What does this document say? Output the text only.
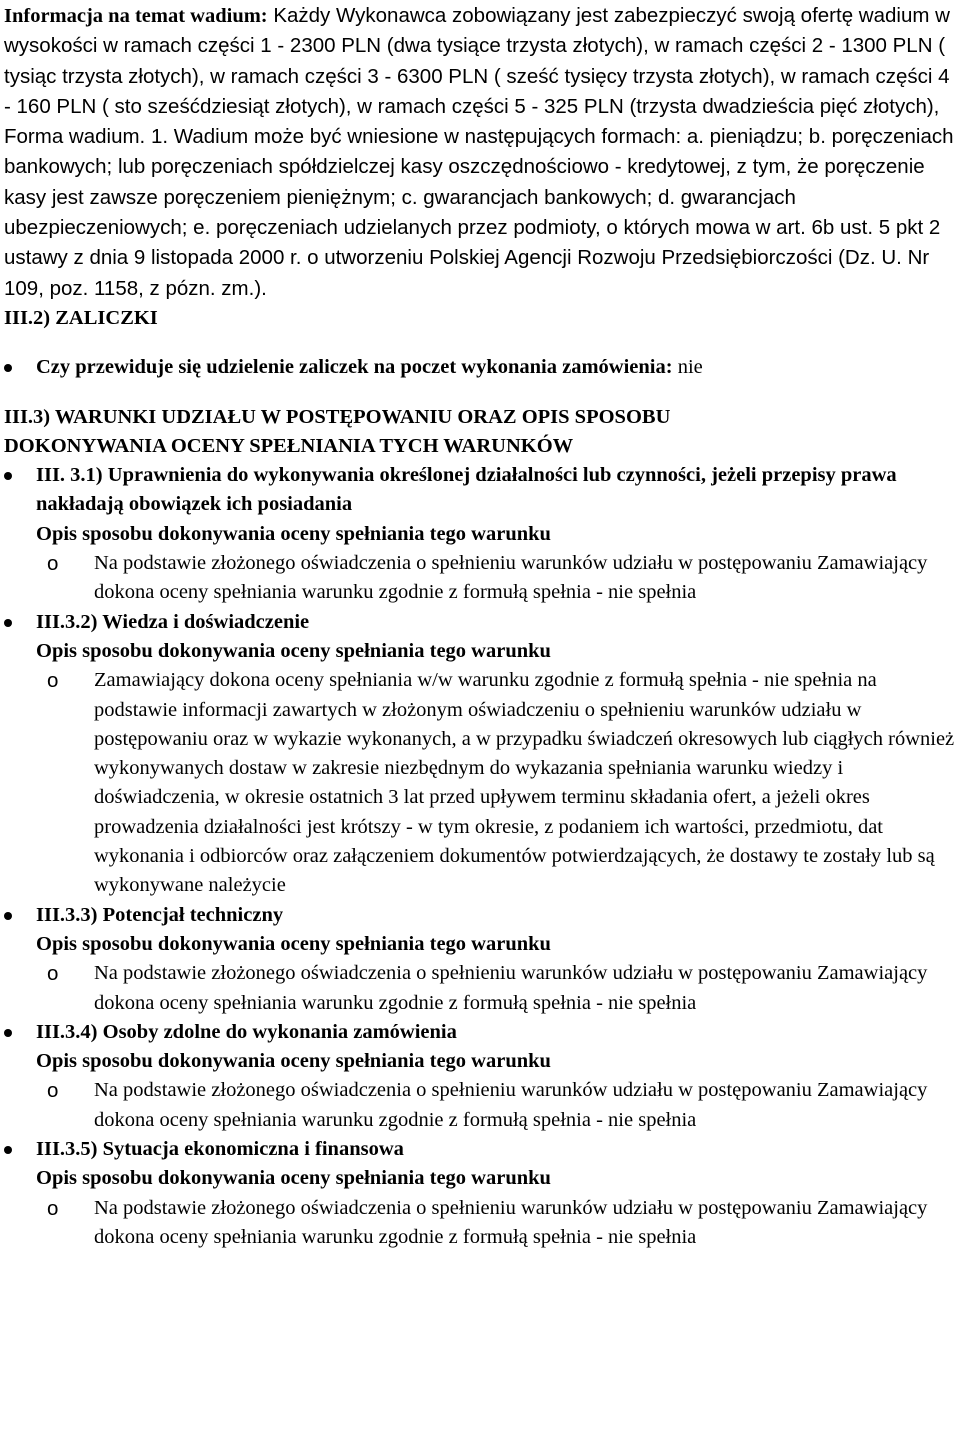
Informacja na temat wadium: Każdy Wykonawca zobowiązany jest zabezpieczyć swoją ofertę wadium w wysokości w ramach części 1 - 2300 PLN (dwa tysiące trzysta złotych), w ramach części 2 - 1300 PLN ( tysiąc trzysta złotych), w ramach części 3 - 6300 PLN ( sześć tysięcy trzysta złotych), w ramach części 4 - 160 PLN ( sto sześćdziesiąt złotych), w ramach części 5 - 325 PLN (trzysta dwadzieścia pięć złotych), Forma wadium. 1. Wadium może być wniesione w następujących formach: a. pieniądzu; b. poręczeniach bankowych; lub poręczeniach spółdzielczej kasy oszczędnościowo - kredytowej, z tym, że poręczenie kasy jest zawsze poręczeniem pieniężnym; c. gwarancjach bankowych; d. gwarancjach ubezpieczeniowych; e. poręczeniach udzielanych przez podmioty, o których mowa w art. 6b ust. 5 pkt 2 ustawy z dnia 9 listopada 2000 r. o utworzeniu Polskiej Agencji Rozwoju Przedsiębiorczości (Dz. U. Nr 109, poz. 1158, z pózn. zm.).

III.2) ZALICZKI

Czy przewiduje się udzielenie zaliczek na poczet wykonania zamówienia: nie

III.3) WARUNKI UDZIAŁU W POSTĘPOWANIU ORAZ OPIS SPOSOBU
DOKONYWANIA OCENY SPEŁNIANIA TYCH WARUNKÓW

III. 3.1) Uprawnienia do wykonywania określonej działalności lub czynności, jeżeli przepisy prawa nakładają obowiązek ich posiadania
Opis sposobu dokonywania oceny spełniania tego warunku
o Na podstawie złożonego oświadczenia o spełnieniu warunków udziału w postępowaniu Zamawiający dokona oceny spełniania warunku zgodnie z formułą spełnia - nie spełnia
III.3.2) Wiedza i doświadczenie
Opis sposobu dokonywania oceny spełniania tego warunku
o Zamawiający dokona oceny spełniania w/w warunku zgodnie z formułą spełnia - nie spełnia na podstawie informacji zawartych w złożonym oświadczeniu o spełnieniu warunków udziału w postępowaniu oraz w wykazie wykonanych, a w przypadku świadczeń okresowych lub ciągłych również wykonywanych dostaw w zakresie niezbędnym do wykazania spełniania warunku wiedzy i doświadczenia, w okresie ostatnich 3 lat przed upływem terminu składania ofert, a jeżeli okres prowadzenia działalności jest krótszy - w tym okresie, z podaniem ich wartości, przedmiotu, dat wykonania i odbiorców oraz załączeniem dokumentów potwierdzających, że dostawy te zostały lub są wykonywane należycie
III.3.3) Potencjał techniczny
Opis sposobu dokonywania oceny spełniania tego warunku
o Na podstawie złożonego oświadczenia o spełnieniu warunków udziału w postępowaniu Zamawiający dokona oceny spełniania warunku zgodnie z formułą spełnia - nie spełnia
III.3.4) Osoby zdolne do wykonania zamówienia
Opis sposobu dokonywania oceny spełniania tego warunku
o Na podstawie złożonego oświadczenia o spełnieniu warunków udziału w postępowaniu Zamawiający dokona oceny spełniania warunku zgodnie z formułą spełnia - nie spełnia
III.3.5) Sytuacja ekonomiczna i finansowa
Opis sposobu dokonywania oceny spełniania tego warunku
o Na podstawie złożonego oświadczenia o spełnieniu warunków udziału w postępowaniu Zamawiający dokona oceny spełniania warunku zgodnie z formułą spełnia - nie spełnia
